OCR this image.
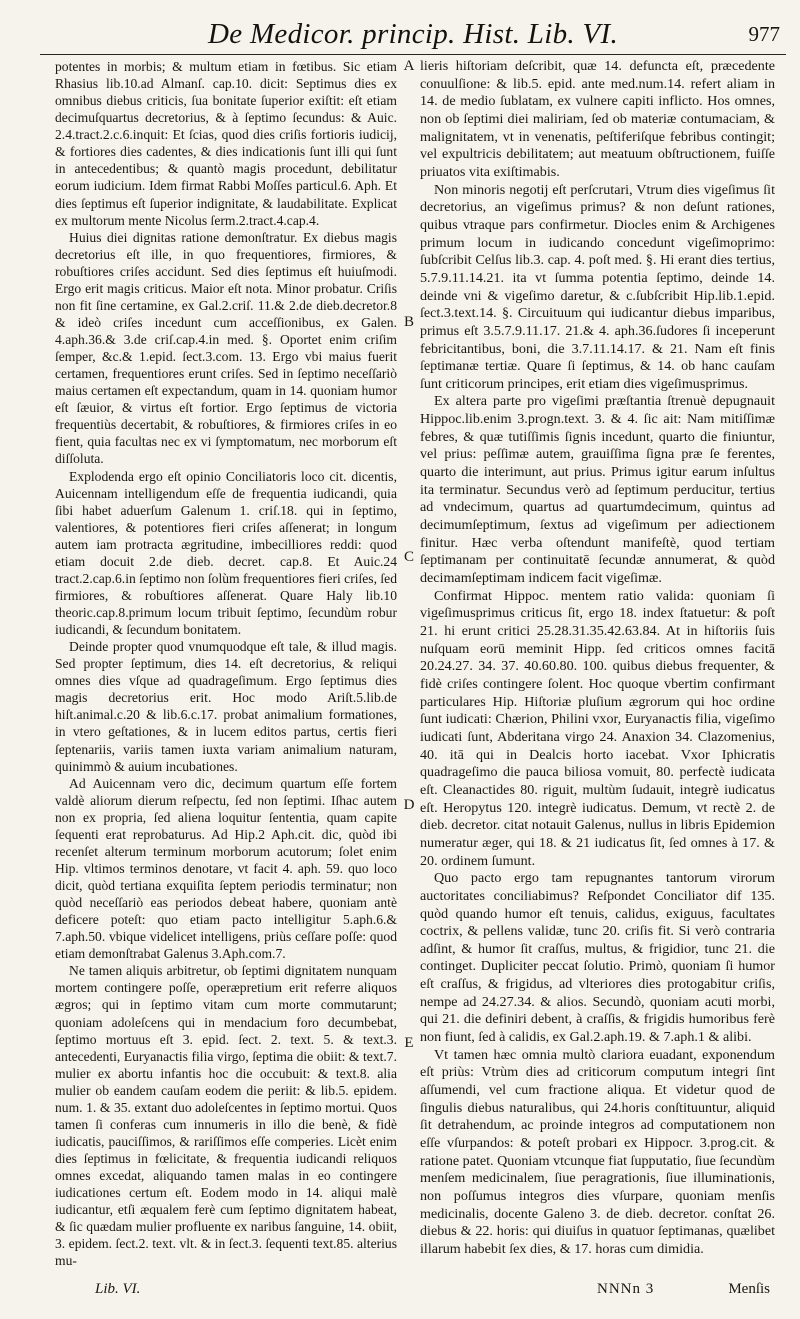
De Medicor. princip. Hist. Lib. VI.	977

potentes in morbis; & multum etiam in fœtibus. Sic etiam Rhasius lib.10.ad Almanſ. cap.10. dicit: Septimus dies ex omnibus diebus criticis, ſua bonitate ſuperior exiſtit: eſt etiam decimuſquartus decretorius, & à ſeptimo ſecundus: & Auic. 2.4.tract.2.c.6.inquit: Et ſcias, quod dies criſis fortioris iudicij, & fortiores dies cadentes, & dies indicationis ſunt illi qui ſunt in antecedentibus; & quantò magis procedunt, debilitatur eorum iudicium. Idem firmat Rabbi Moſſes particul.6. Aph. Et dies ſeptimus eſt ſuperior indignitate, & laudabilitate. Explicat ex multorum mente Nicolus ſerm.2.tract.4.cap.4.

Huius diei dignitas ratione demonſtratur. Ex diebus magis decretorius eſt ille, in quo frequentiores, firmiores, & robuſtiores criſes accidunt. Sed dies ſeptimus eſt huiuſmodi. Ergo erit magis criticus. Maior eſt nota. Minor probatur. Criſis non fit ſine certamine, ex Gal.2.criſ. 11.& 2.de dieb.decretor.8 & ideò criſes incedunt cum acceſſionibus, ex Galen. 4.aph.36.& 3.de criſ.cap.4.in med. §. Oportet enim criſim ſemper, &c.& 1.epid. ſect.3.com. 13. Ergo vbi maius fuerit certamen, frequentiores erunt criſes. Sed in ſeptimo neceſſariò maius certamen eſt expectandum, quam in 14. quoniam humor eſt ſæuior, & virtus eſt fortior. Ergo ſeptimus de victoria frequentiùs decertabit, & robuſtiores, & firmiores criſes in eo fient, quia facultas nec ex vi ſymptomatum, nec morborum eſt diſſoluta.

Explodenda ergo eſt opinio Conciliatoris loco cit. dicentis, Auicennam intelligendum eſſe de frequentia iudicandi, quia ſibi habet aduerſum Galenum 1. criſ.18. qui in ſeptimo, valentiores, & potentiores fieri criſes aſſenerat; in longum autem iam protracta ægritudine, imbecilliores reddi: quod etiam docuit 2.de dieb. decret. cap.8. Et Auic.24 tract.2.cap.6.in ſeptimo non ſolùm frequentiores fieri criſes, ſed firmiores, & robuſtiores aſſenerat. Quare Haly lib.10 theoric.cap.8.primum locum tribuit ſeptimo, ſecundùm robur iudicandi, & ſecundum bonitatem.

Deinde propter quod vnumquodque eſt tale, & illud magis. Sed propter ſeptimum, dies 14. eſt decretorius, & reliqui omnes dies vſque ad quadrageſimum. Ergo ſeptimus dies magis decretorius erit. Hoc modo Ariſt.5.lib.de hiſt.animal.c.20 & lib.6.c.17. probat animalium formationes, in vtero geſtationes, & in lucem editos partus, certis fieri ſeptenariis, variis tamen iuxta variam animalium naturam, quinimmò & auium incubationes.

Ad Auicennam vero dic, decimum quartum eſſe fortem valdè aliorum dierum reſpectu, ſed non ſeptimi. Iſhac autem non ex propria, ſed aliena loquitur ſententia, quam capite ſequenti erat reprobaturus. Ad Hip.2 Aph.cit. dic, quòd ibi recenſet alterum terminum morborum acutorum; ſolet enim Hip. vltimos terminos denotare, vt facit 4. aph. 59. quo loco dicit, quòd tertiana exquiſita ſeptem periodis terminatur; non quòd neceſſariò eas periodos debeat habere, quoniam antè deficere poteſt: quo etiam pacto intelligitur 5.aph.6.& 7.aph.50. vbique videlicet intelligens, priùs ceſſare poſſe: quod etiam demonſtrabat Galenus 3.Aph.com.7.

Ne tamen aliquis arbitretur, ob ſeptimi dignitatem nunquam mortem contingere poſſe, operæpretium erit referre aliquos ægros; qui in ſeptimo vitam cum morte commutarunt; quoniam adoleſcens qui in mendacium foro decumbebat, ſeptimo mortuus eſt 3. epid. ſect. 2. text. 5. & text.3. antecedenti, Euryanactis filia virgo, ſeptima die obiit: & text.7. mulier ex abortu infantis hoc die occubuit: & text.8. alia mulier ob eandem cauſam eodem die periit: & lib.5. epidem. num. 1. & 35. extant duo adoleſcentes in ſeptimo mortui. Quos tamen ſi conferas cum innumeris in illo die benè, & fidè iudicatis, pauciſſimos, & rariſſimos eſſe comperies. Licèt enim dies ſeptimus in fœlicitate, & frequentia iudicandi reliquos omnes excedat, aliquando tamen malas in eo contingere iudicationes certum eſt. Eodem modo in 14. aliqui malè iudicantur, etſi æqualem ferè cum ſeptimo dignitatem habeat, & ſic quædam mulier profluente ex naribus ſanguine, 14. obiit, 3. epidem. ſect.2. text. vlt. & in ſect.3. ſequenti text.85. alterius mu-

A
B
C
D
E

lieris hiſtoriam deſcribit, quæ 14. defuncta eſt, præcedente conuulſione: & lib.5. epid. ante med.num.14. refert aliam in 14. de medio ſublatam, ex vulnere capiti inflicto. Hos omnes, non ob ſeptimi diei maliriam, ſed ob materiæ contumaciam, & malignitatem, vt in venenatis, peſtiferiſque febribus contingit; vel expultricis debilitatem; aut meatuum obſtructionem, fuiſſe priuatos vita exiſtimabis.

Non minoris negotij eſt perſcrutari, Vtrum dies vigeſimus ſit decretorius, an vigeſimus primus? & non deſunt rationes, quibus vtraque pars confirmetur. Diocles enim & Archigenes primum locum in iudicando concedunt vigeſimoprimo: ſubſcribit Celſus lib.3. cap. 4. poſt med. §. Hi erant dies tertius, 5.7.9.11.14.21. ita vt ſumma potentia ſeptimo, deinde 14. deinde vni & vigeſimo daretur, & c.ſubſcribit Hip.lib.1.epid. ſect.3.text.14. §. Circuituum qui iudicantur diebus imparibus, primus eſt 3.5.7.9.11.17. 21.& 4. aph.36.ſudores ſi inceperunt febricitantibus, boni, die 3.7.11.14.17. & 21. Nam eſt finis ſeptimanæ tertiæ. Quare ſi ſeptimus, & 14. ob hanc cauſam ſunt criticorum principes, erit etiam dies vigeſimusprimus.

Ex altera parte pro vigeſimi præſtantia ſtrenuè depugnauit Hippoc.lib.enim 3.progn.text. 3. & 4. ſic ait: Nam mitiſſimæ febres, & quæ tutiſſimis ſignis incedunt, quarto die finiuntur, vel prius: peſſimæ autem, grauiſſima ſigna præ ſe ferentes, quarto die interimunt, aut prius. Primus igitur earum inſultus ita terminatur. Secundus verò ad ſeptimum perducitur, tertius ad vndecimum, quartus ad quartumdecimum, quintus ad decimumſeptimum, ſextus ad vigeſimum per adiectionem finitur. Hæc verba oſtendunt manifeſtè, quod tertiam ſeptimanam per continuitatē ſecundæ annumerat, & quòd decimamſeptimam indicem facit vigeſimæ.

Confirmat Hippoc. mentem ratio valida: quoniam ſi vigeſimusprimus criticus ſit, ergo 18. index ſtatuetur: & poſt 21. hi erunt critici 25.28.31.35.42.63.84. At in hiſtoriis ſuis nuſquam eorū meminit Hipp. ſed criticos omnes facitā 20.24.27. 34. 37. 40.60.80. 100. quibus diebus frequenter, & fidè criſes contingere ſolent. Hoc quoque vbertim confirmant particulares Hip. Hiſtoriæ pluſium ægrorum qui hoc ordine ſunt iudicati: Chærion, Philini vxor, Euryanactis filia, vigeſimo iudicati ſunt, Abderitana virgo 24. Anaxion 34. Clazomenius, 40. itā qui in Dealcis horto iacebat. Vxor Iphicratis quadrageſimo die pauca biliosa vomuit, 80. perfectè iudicata eſt. Cleanactides 80. riguit, multùm ſudauit, integrè iudicatus eſt. Heropytus 120. integrè iudicatus. Demum, vt rectè 2. de dieb. decretor. citat notauit Galenus, nullus in libris Epidemion numeratur æger, qui 18. & 21 iudicatus ſit, ſed omnes à 17. & 20. ordinem ſumunt.

Quo pacto ergo tam repugnantes tantorum virorum auctoritates conciliabimus? Reſpondet Conciliator dif 135. quòd quando humor eſt tenuis, calidus, exiguus, facultates coctrix, & pellens validæ, tunc 20. criſis fit. Si verò contraria adſint, & humor ſit craſſus, multus, & frigidior, tunc 21. die continget. Dupliciter peccat ſolutio. Primò, quoniam ſi humor eſt craſſus, & frigidus, ad vlteriores dies protogabitur criſis, nempe ad 24.27.34. & alios. Secundò, quoniam acuti morbi, qui 21. die definiri debent, à craſſis, & frigidis humoribus ferè non fiunt, ſed à calidis, ex Gal.2.aph.19. & 7.aph.1 & alibi.

Vt tamen hæc omnia multò clariora euadant, exponendum eſt priùs: Vtrùm dies ad criticorum computum integri ſint aſſumendi, vel cum fractione aliqua. Et videtur quod de ſingulis diebus naturalibus, qui 24.horis conſtituuntur, aliquid ſit detrahendum, ac proinde integros ad computationem non eſſe vſurpandos: & poteſt probari ex Hippocr. 3.prog.cit. & ratione patet. Quoniam vtcunque fiat ſupputatio, ſiue ſecundùm menſem medicinalem, ſiue peragrationis, ſiue illuminationis, non poſſumus integros dies vſurpare, quoniam menſis medicinalis, docente Galeno 3. de dieb. decretor. conſtat 26. diebus & 22. horis: qui diuiſus in quatuor ſeptimanas, quælibet illarum habebit ſex dies, & 17. horas cum dimidia.

Lib. VI.	NNNn 3	Menſis
